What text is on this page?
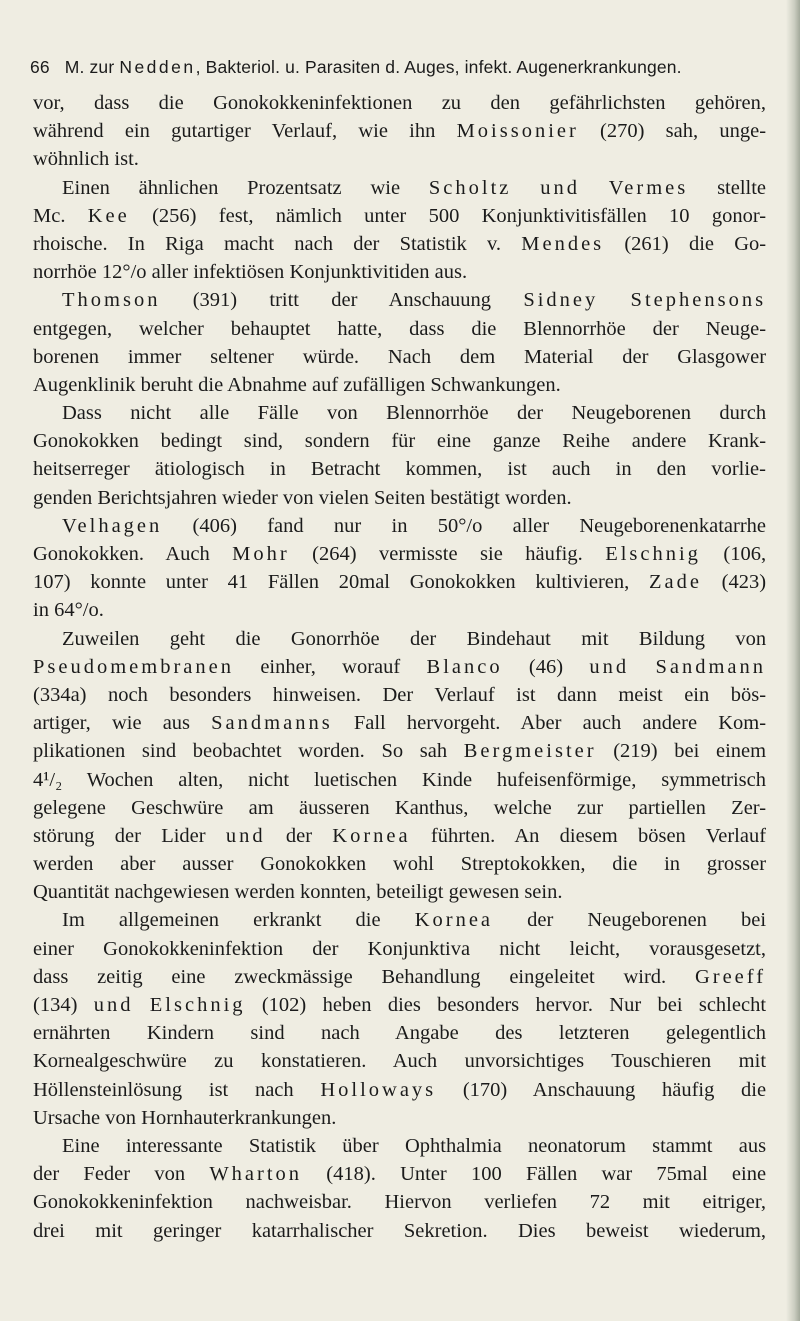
66 M. zur Nedden, Bakteriol. u. Parasiten d. Auges, infekt. Augenerkrankungen.
vor, dass die Gonokokkeninfektionen zu den gefährlichsten gehören,
während ein gutartiger Verlauf, wie ihn Moissonier (270) sah, unge-
wöhnlich ist.
Einen ähnlichen Prozentsatz wie Scholtz und Vermes stellte
Mc. Kee (256) fest, nämlich unter 500 Konjunktivitisfällen 10 gonor-
rhoische. In Riga macht nach der Statistik v. Mendes (261) die Go-
norrhöe 12°/o aller infektiösen Konjunktivitiden aus.
Thomson (391) tritt der Anschauung Sidney Stephensons
entgegen, welcher behauptet hatte, dass die Blennorrhöe der Neuge-
borenen immer seltener würde. Nach dem Material der Glasgower
Augenklinik beruht die Abnahme auf zufälligen Schwankungen.
Dass nicht alle Fälle von Blennorrhöe der Neugeborenen durch
Gonokokken bedingt sind, sondern für eine ganze Reihe andere Krank-
heitserreger ätiologisch in Betracht kommen, ist auch in den vorlie-
genden Berichtsjahren wieder von vielen Seiten bestätigt worden.
Velhagen (406) fand nur in 50°/o aller Neugeborenenkatarrhe
Gonokokken. Auch Mohr (264) vermisste sie häufig. Elschnig (106,
107) konnte unter 41 Fällen 20mal Gonokokken kultivieren, Zade (423)
in 64°/o.
Zuweilen geht die Gonorrhöe der Bindehaut mit Bildung von
Pseudomembranen einher, worauf Blanco (46) und Sandmann
(334a) noch besonders hinweisen. Der Verlauf ist dann meist ein bös-
artiger, wie aus Sandmanns Fall hervorgeht. Aber auch andere Kom-
plikationen sind beobachtet worden. So sah Bergmeister (219) bei einem
4¹/₂ Wochen alten, nicht luetischen Kinde hufeisenförmige, symmetrisch
gelegene Geschwüre am äusseren Kanthus, welche zur partiellen Zer-
störung der Lider und der Kornea führten. An diesem bösen Verlauf
werden aber ausser Gonokokken wohl Streptokokken, die in grosser
Quantität nachgewiesen werden konnten, beteiligt gewesen sein.
Im allgemeinen erkrankt die Kornea der Neugeborenen bei
einer Gonokokkeninfektion der Konjunktiva nicht leicht, vorausgesetzt,
dass zeitig eine zweckmässige Behandlung eingeleitet wird. Greeff
(134) und Elschnig (102) heben dies besonders hervor. Nur bei schlecht
ernährten Kindern sind nach Angabe des letzteren gelegentlich
Kornealgeschwüre zu konstatieren. Auch unvorsichtiges Touschieren mit
Höllensteinlösung ist nach Holloways (170) Anschauung häufig die
Ursache von Hornhauterkrankungen.
Eine interessante Statistik über Ophthalmia neonatorum stammt aus
der Feder von Wharton (418). Unter 100 Fällen war 75mal eine
Gonokokkeninfektion nachweisbar. Hiervon verliefen 72 mit eitriger,
drei mit geringer katarrhalischer Sekretion. Dies beweist wiederum,
